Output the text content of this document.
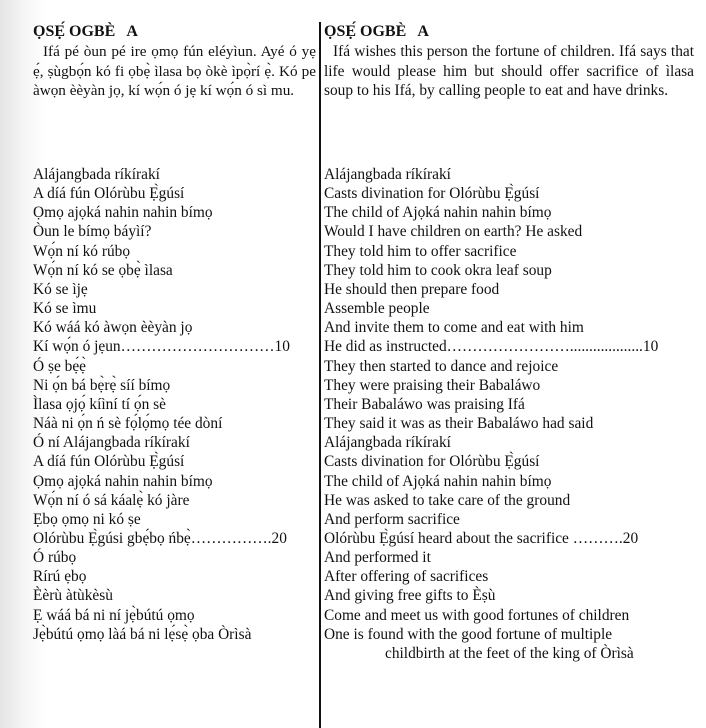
ỌSẸ́ OGBÈ   A

Ifá pé òun pé ire ọmọ fún eléyìun. Ayé ó yẹ ẹ́, ṣùgbọ́n kó fi ọbẹ̀ ìlasa bọ òkè ìpọ̀rí ẹ̀. Kó pe àwọn èèyàn jọ, kí wọ́n ó jẹ kí wọ́n ó sì mu.

Alájangbada ríkírakí
A díá fún Olórùbu Ẹ̀gúsí
Ọmọ ajọká nahin nahin bímọ
Òun le bímọ báyìí?
Wọ́n ní kó rúbọ
Wọ́n ní kó se ọbẹ̀ ìlasa
Kó se ìjẹ
Kó se ìmu
Kó wáá kó àwọn èèyàn jọ
Kí wọ́n ó jẹun…………………………10
Ó ṣe bẹ́ẹ̀
Ni ọ́n bá bẹ̀rẹ̀ síí bímọ
Ìlasa ọjọ́ kíìní tí ọ́n sè
Náà ni ọ́n ń sè fọ́lọ́mọ tée dòní
Ó ní Alájangbada ríkírakí
A díá fún Olórùbu Ẹ̀gúsí
Ọmọ ajọká nahin nahin bímọ
Wọ́n ní ó sá káalẹ̀ kó jàre
Ẹbọ ọmọ ni kó ṣe
Olórùbu Ẹ̀gúsi gbẹ́bọ ńbẹ̀…………….20
Ó rúbọ
Rírú ẹbọ
Èèrù àtùkèsù
Ẹ wáá bá ni ní jẹ̀bútú ọmọ
Jẹ̀bútú ọmọ làá bá ni lẹ́sẹ̀ ọba Òrìsà
ỌSẸ́ OGBÈ   A

Ifá wishes this person the fortune of children. Ifá says that life would please him but should offer sacrifice of ìlasa soup to his Ifá, by calling people to eat and have drinks.

Alájangbada ríkírakí
Casts divination for Olórùbu Ẹ̀gúsí
The child of Ajọká nahin nahin bímọ
Would I have children on earth? He asked
They told him to offer sacrifice
They told him to cook okra leaf soup
He should then prepare food
Assemble people
And invite them to come and eat with him
He did as instructed……………………...................10
They then started to dance and rejoice
They were praising their Babaláwo
Their Babaláwo was praising Ifá
They said it was as their Babaláwo had said
Alájangbada ríkírakí
Casts divination for Olórùbu Ẹ̀gúsí
The child of Ajọká nahin nahin bímọ
He was asked to take care of the ground
And perform sacrifice
Olórùbu Ẹ̀gúsí heard about the sacrifice ……….20
And performed it
After offering of sacrifices
And giving free gifts to Èṣù
Come and meet us with good fortunes of children
One is found with the good fortune of multiple
childbirth at the feet of the king of Òrìsà
